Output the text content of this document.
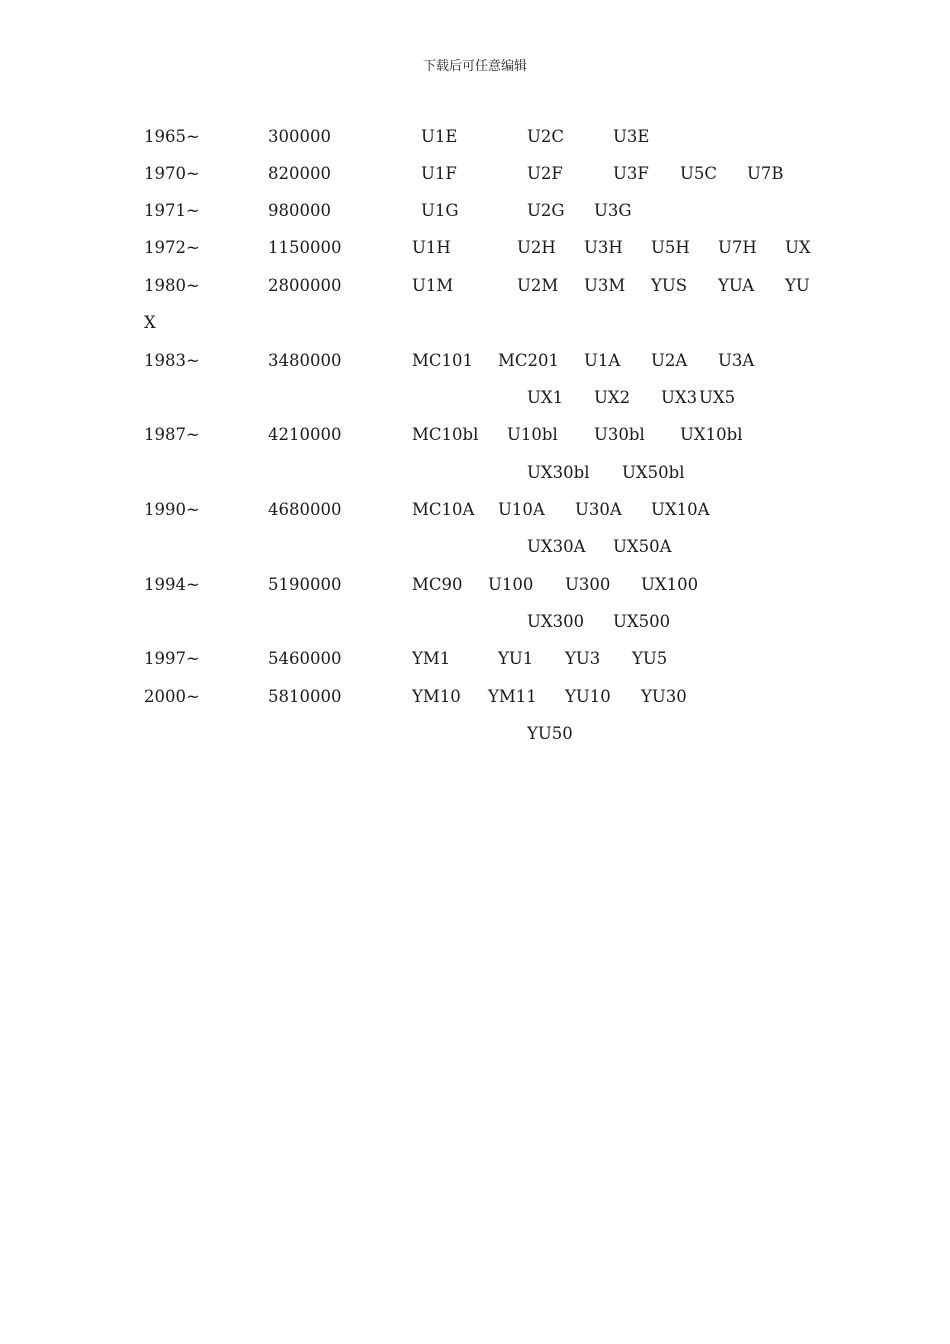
下载后可任意编辑
1965~	300000	U1E	U2C	U3E
1970~	820000	U1F	U2F	U3F U5C U7B
1971~	980000	U1G	U2G U3G
1972~	1150000	U1H	U2H U3H U5H U7H UX
1980~	2800000	U1M	U2M U3M YUS YUA YU
X
1983~	3480000	MC101 MC201 U1A U2A U3A
UX1 UX2 UX3 UX5
1987~	4210000	MC10bl U10bl U30bl UX10bl
UX30bl UX50bl
1990~	4680000	MC10A U10A U30A UX10A
UX30A UX50A
1994~	5190000	MC90 U100 U300 UX100
UX300 UX500
1997~	5460000	YM1	YU1 YU3 YU5
2000~	5810000	YM10 YM11 YU10 YU30
YU50
